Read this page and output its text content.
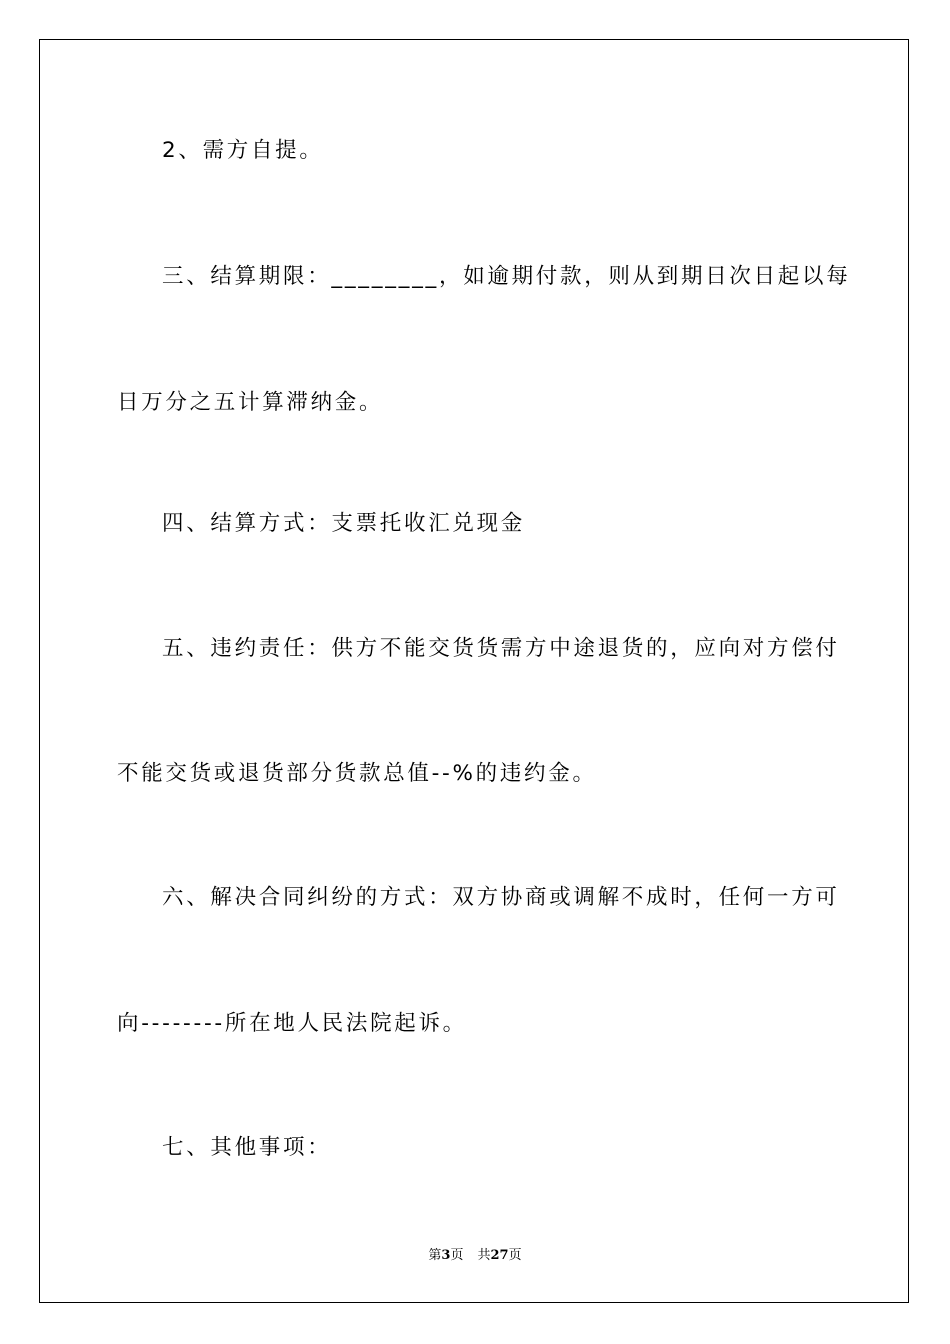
2、需方自提。
三、结算期限：________，如逾期付款，则从到期日次日起以每
日万分之五计算滞纳金。
四、结算方式：支票托收汇兑现金
五、违约责任：供方不能交货货需方中途退货的，应向对方偿付
不能交货或退货部分货款总值--%的违约金。
六、解决合同纠纷的方式：双方协商或调解不成时，任何一方可
向--------所在地人民法院起诉。
七、其他事项：
第3页 共27页
